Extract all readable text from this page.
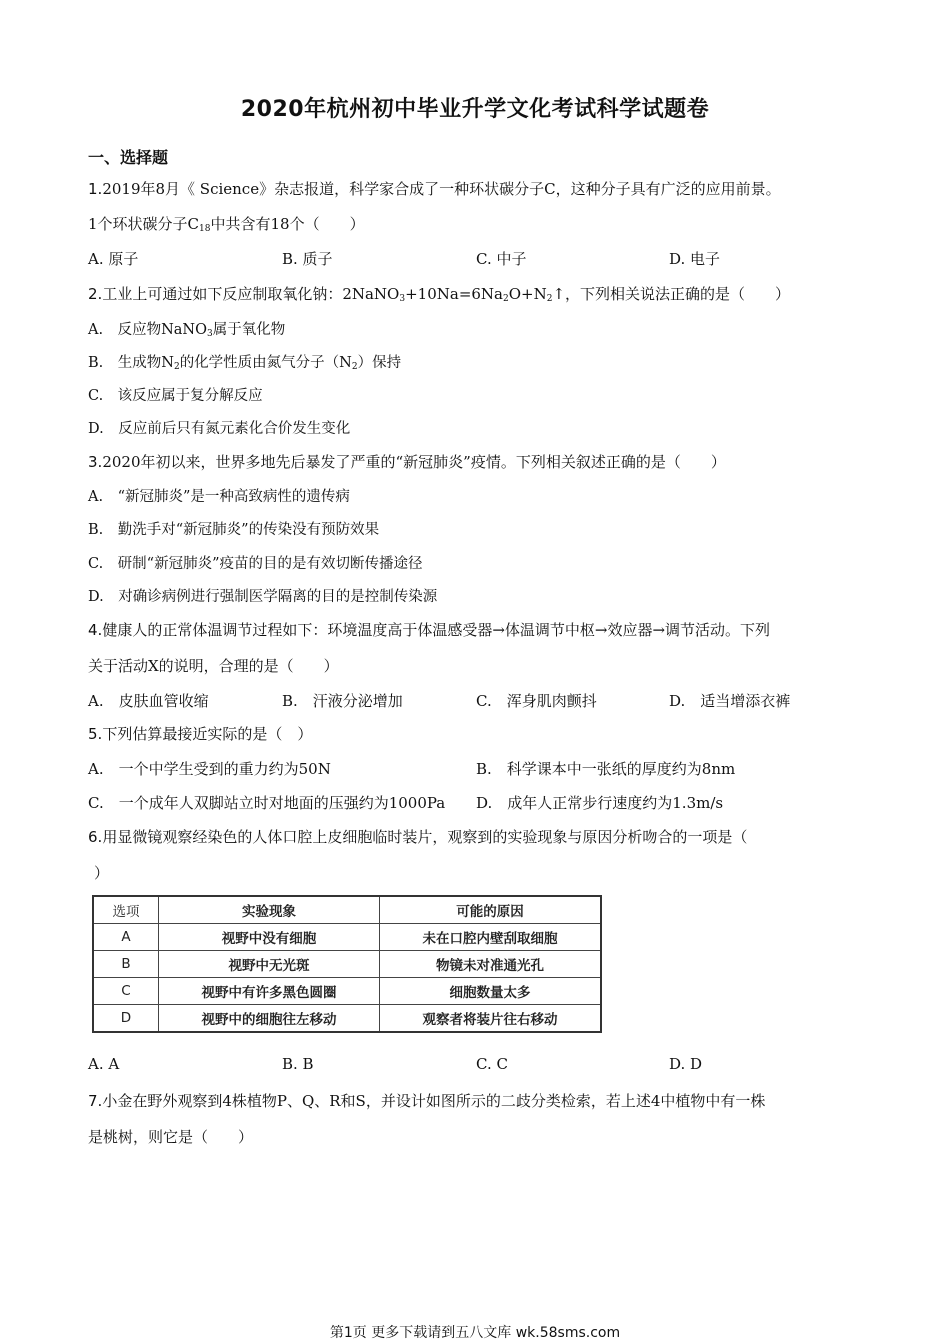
2020年杭州初中毕业升学文化考试科学试题卷
一、选择题
1.2019年8月《 Science》杂志报道，科学家合成了一种环状碳分子C，这种分子具有广泛的应用前景。
1个环状碳分子$C_{18}$中共含有18个（　　）
A. 原子	B. 质子	C. 中子	D. 电子
2.工业上可通过如下反应制取氧化钠：$2NaNO_3+10Na=6Na_2O+N_2↑$，下列相关说法正确的是（　　）
A.　反应物NaNO$_3$属于氧化物
B.　生成物$N_2$的化学性质由氮气分子$(N_2)$保持
C.　该反应属于复分解反应
D.　反应前后只有氮元素化合价发生变化
3.2020年初以来，世界多地先后暴发了严重的“新冠肺炎”疫情。下列相关叙述正确的是（　　）
A.　“新冠肺炎”是一种高致病性的遗传病
B.　勤洗手对“新冠肺炎”的传染没有预防效果
C.　研制“新冠肺炎”疫苗的目的是有效切断传播途径
D.　对确诊病例进行强制医学隔离的目的是控制传染源
4.健康人的正常体温调节过程如下：环境温度高于体温感受器→体温调节中枢→效应器→调节活动。下列
关于活动X的说明，合理的是（　　）
A.　皮肤血管收缩	B.　汗液分泌增加	C.　浑身肌肉颤抖	D.　适当增添衣裤
5.下列估算最接近实际的是（　）
A.　一个中学生受到的重力约为50N	B.　科学课本中一张纸的厚度约为8nm
C.　一个成年人双脚站立时对地面的压强约为1000Pa D.　成年人正常步行速度约为1.3m/s
6.用显微镜观察经染色的人体口腔上皮细胞临时装片，观察到的实验现象与原因分析吻合的一项是（
）
选项	实验现象	可能的原因
A	视野中没有细胞	未在口腔内壁刮取细胞
B	视野中无光斑	物镜未对准通光孔
C	视野中有许多黑色圆圈	细胞数量太多
D	视野中的细胞往左移动	观察者将装片往右移动
A. A	B. B	C. C	D. D
7.小金在野外观察到4株植物P、Q、R和S，并设计如图所示的二歧分类检索，若上述4中植物中有一株
是桃树，则它是（　　）
第1页 更多下载请到五八文库 wk.58sms.com
